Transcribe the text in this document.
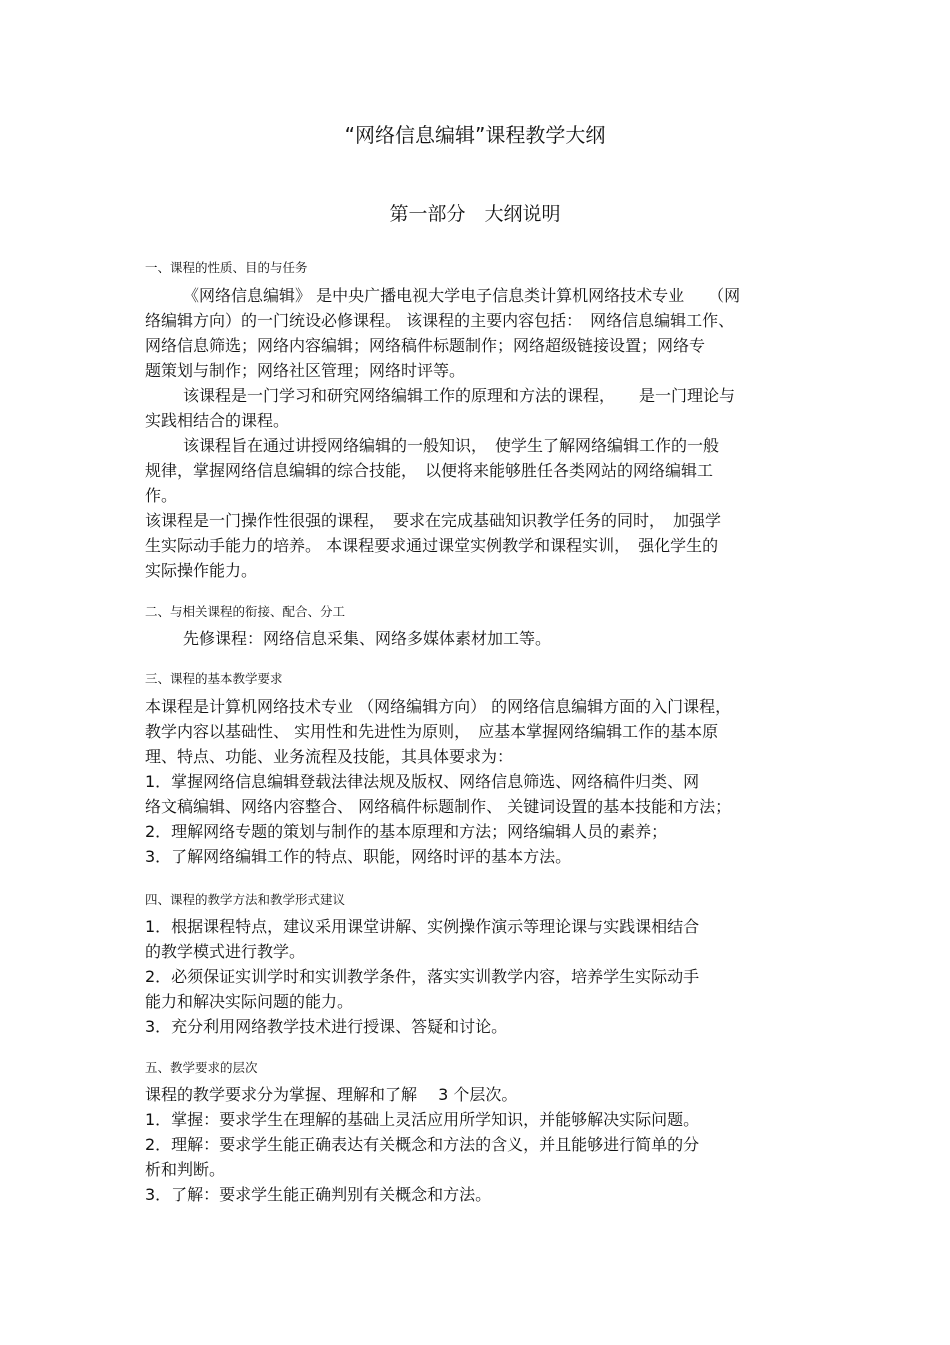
“网络信息编辑”课程教学大纲
第一部分　大纲说明

一、课程的性质、目的与任务

《网络信息编辑》 是中央广播电视大学电子信息类计算机网络技术专业　　（网

络编辑方向）的一门统设必修课程。 该课程的主要内容包括：　网络信息编辑工作、

网络信息筛选；网络内容编辑；网络稿件标题制作；网络超级链接设置；网络专

题策划与制作；网络社区管理；网络时评等。

该课程是一门学习和研究网络编辑工作的原理和方法的课程，　　是一门理论与

实践相结合的课程。

该课程旨在通过讲授网络编辑的一般知识，　使学生了解网络编辑工作的一般

规律，掌握网络信息编辑的综合技能，　以便将来能够胜任各类网站的网络编辑工

作。

该课程是一门操作性很强的课程，　要求在完成基础知识教学任务的同时，　加强学

生实际动手能力的培养。 本课程要求通过课堂实例教学和课程实训，　强化学生的

实际操作能力。

二、与相关课程的衔接、配合、分工

先修课程：网络信息采集、网络多媒体素材加工等。

三、课程的基本教学要求

本课程是计算机网络技术专业 （网络编辑方向） 的网络信息编辑方面的入门课程，

教学内容以基础性、 实用性和先进性为原则，　应基本掌握网络编辑工作的基本原

理、特点、功能、业务流程及技能，其具体要求为：

1．掌握网络信息编辑登载法律法规及版权、网络信息筛选、网络稿件归类、网

络文稿编辑、网络内容整合、 网络稿件标题制作、 关键词设置的基本技能和方法；

2．理解网络专题的策划与制作的基本原理和方法；网络编辑人员的素养；

3．了解网络编辑工作的特点、职能，网络时评的基本方法。

四、课程的教学方法和教学形式建议

1．根据课程特点，建议采用课堂讲解、实例操作演示等理论课与实践课相结合

的教学模式进行教学。

2．必须保证实训学时和实训教学条件，落实实训教学内容，培养学生实际动手

能力和解决实际问题的能力。

3．充分利用网络教学技术进行授课、答疑和讨论。

五、教学要求的层次

课程的教学要求分为掌握、理解和了解　 3 个层次。

1．掌握：要求学生在理解的基础上灵活应用所学知识，并能够解决实际问题。

2．理解：要求学生能正确表达有关概念和方法的含义，并且能够进行简单的分

析和判断。

3．了解：要求学生能正确判别有关概念和方法。
